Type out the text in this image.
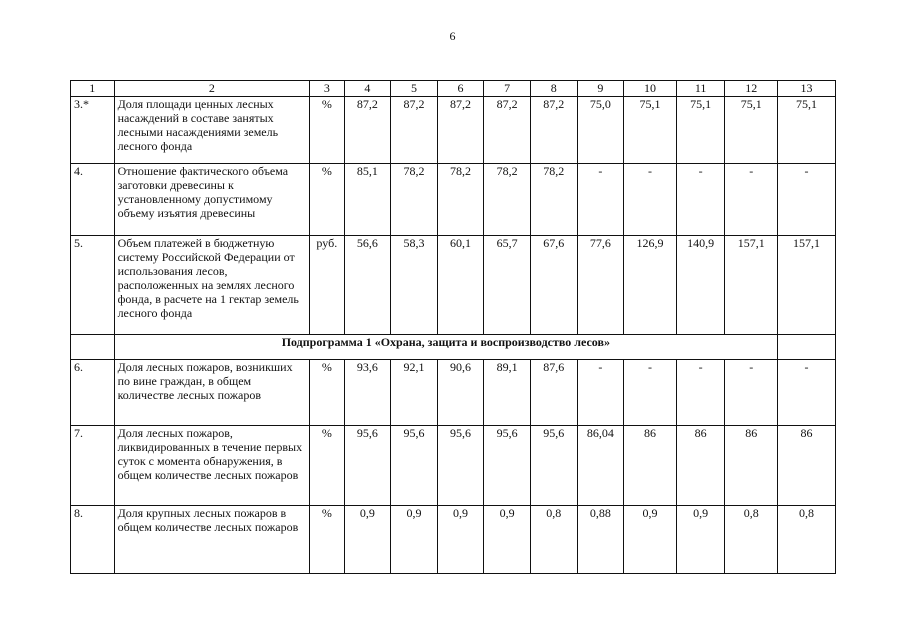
6
1	2	3	4	5	6	7	8	9	10	11	12	13
3.*	Доля площади ценных лесных насаждений в составе занятых лесными насаждениями земель лесного фонда	%	87,2	87,2	87,2	87,2	87,2	75,0	75,1	75,1	75,1	75,1
4.	Отношение фактического объема заготовки древесины к установленному допустимому объему изъятия древесины	%	85,1	78,2	78,2	78,2	78,2	-	-	-	-	-
5.	Объем платежей в бюджетную систему Российской Федерации от использования лесов, расположенных на землях лесного фонда, в расчете на 1 гектар земель лесного фонда	руб.	56,6	58,3	60,1	65,7	67,6	77,6	126,9	140,9	157,1	157,1
	Подпрограмма 1 «Охрана, защита и воспроизводство лесов»											
6.	Доля лесных пожаров, возникших по вине граждан, в общем количестве лесных пожаров	%	93,6	92,1	90,6	89,1	87,6	-	-	-	-	-
7.	Доля лесных пожаров, ликвидированных в течение первых суток с момента обнаружения, в общем количестве лесных пожаров	%	95,6	95,6	95,6	95,6	95,6	86,04	86	86	86	86
8.	Доля крупных лесных пожаров в общем количестве лесных пожаров	%	0,9	0,9	0,9	0,9	0,8	0,88	0,9	0,9	0,8	0,8
